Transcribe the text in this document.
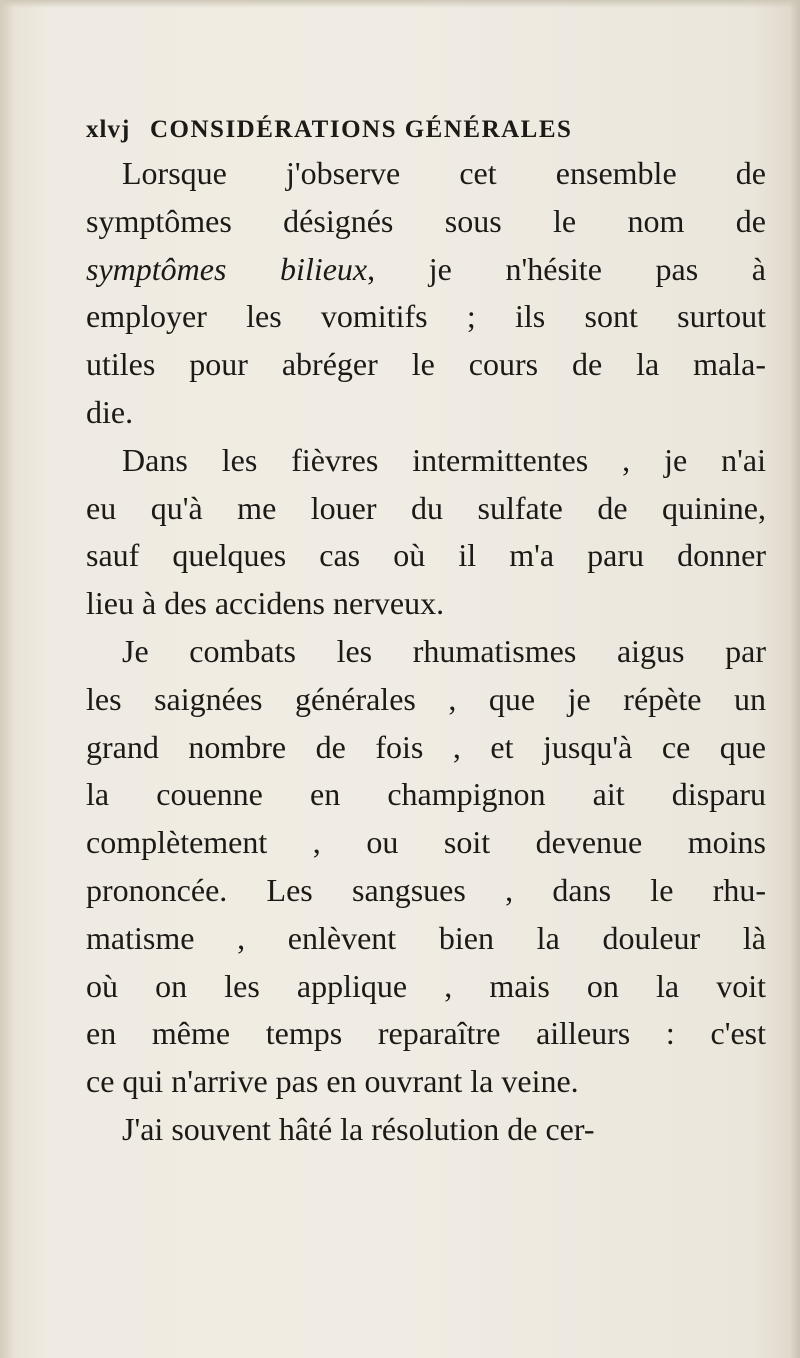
xlvj CONSIDÉRATIONS GÉNÉRALES
Lorsque j'observe cet ensemble de
symptômes désignés sous le nom de
symptômes bilieux, je n'hésite pas à
employer les vomitifs ; ils sont surtout
utiles pour abréger le cours de la mala-
die.
Dans les fièvres intermittentes , je n'ai
eu qu'à me louer du sulfate de quinine,
sauf quelques cas où il m'a paru donner
lieu à des accidens nerveux.
Je combats les rhumatismes aigus par
les saignées générales , que je répète un
grand nombre de fois , et jusqu'à ce que
la couenne en champignon ait disparu
complètement , ou soit devenue moins
prononcée. Les sangsues , dans le rhu-
matisme , enlèvent bien la douleur là
où on les applique , mais on la voit
en même temps reparaître ailleurs : c'est
ce qui n'arrive pas en ouvrant la veine.
J'ai souvent hâté la résolution de cer-
